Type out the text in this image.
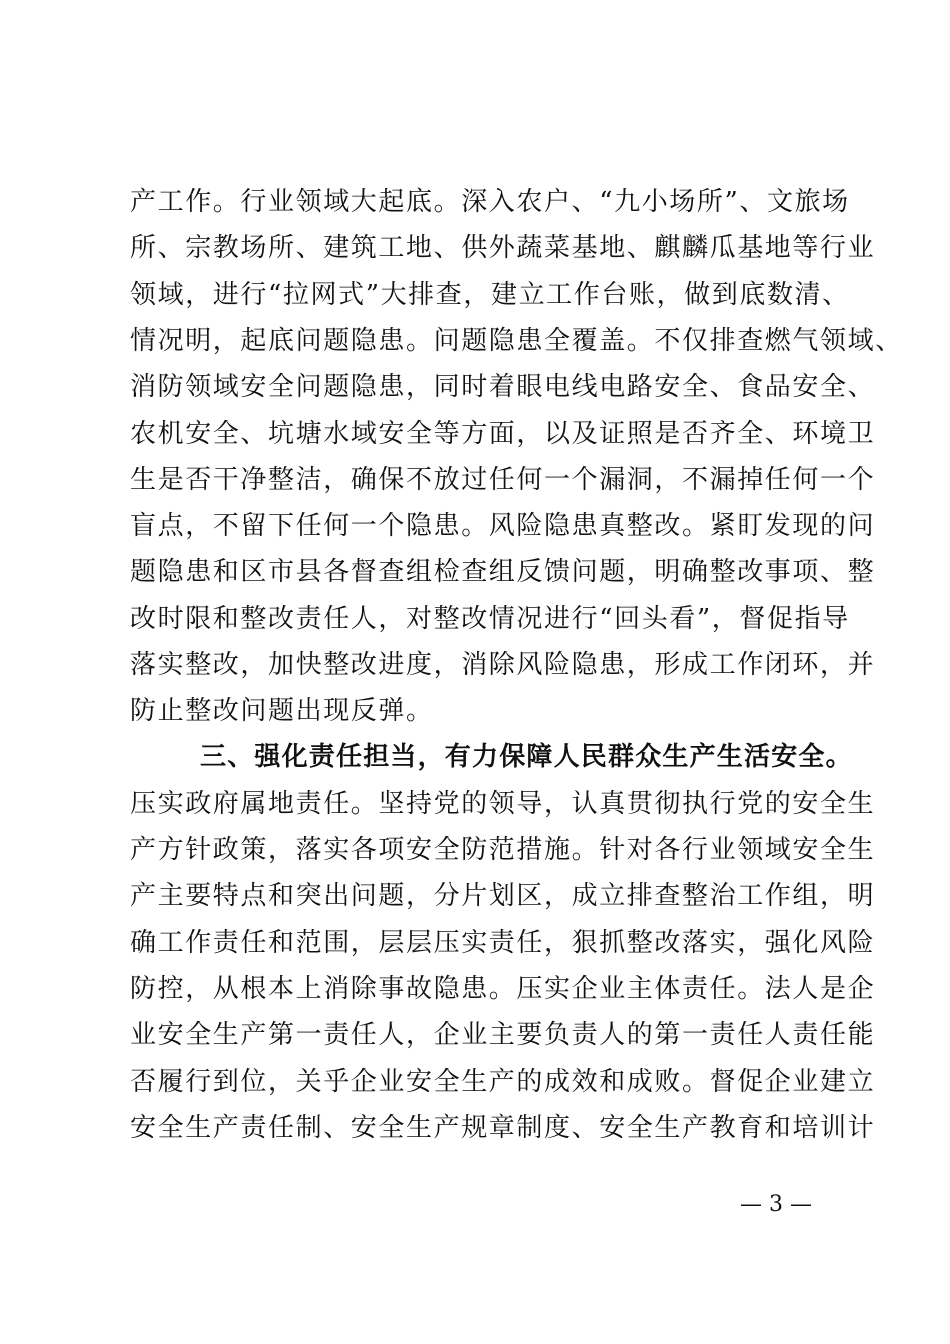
产工作。行业领域大起底。深入农户、“九小场所”、文旅场
所、宗教场所、建筑工地、供外蔬菜基地、麒麟瓜基地等行业
领域，进行“拉网式”大排查，建立工作台账，做到底数清、
情况明，起底问题隐患。问题隐患全覆盖。不仅排查燃气领域、
消防领域安全问题隐患，同时着眼电线电路安全、食品安全、
农机安全、坑塘水域安全等方面，以及证照是否齐全、环境卫
生是否干净整洁，确保不放过任何一个漏洞，不漏掉任何一个
盲点，不留下任何一个隐患。风险隐患真整改。紧盯发现的问
题隐患和区市县各督查组检查组反馈问题，明确整改事项、整
改时限和整改责任人，对整改情况进行“回头看”，督促指导
落实整改，加快整改进度，消除风险隐患，形成工作闭环，并
防止整改问题出现反弹。
三、强化责任担当，有力保障人民群众生产生活安全。
压实政府属地责任。坚持党的领导，认真贯彻执行党的安全生
产方针政策，落实各项安全防范措施。针对各行业领域安全生
产主要特点和突出问题，分片划区，成立排查整治工作组，明
确工作责任和范围，层层压实责任，狠抓整改落实，强化风险
防控，从根本上消除事故隐患。压实企业主体责任。法人是企
业安全生产第一责任人，企业主要负责人的第一责任人责任能
否履行到位，关乎企业安全生产的成效和成败。督促企业建立
安全生产责任制、安全生产规章制度、安全生产教育和培训计
— 3 —
